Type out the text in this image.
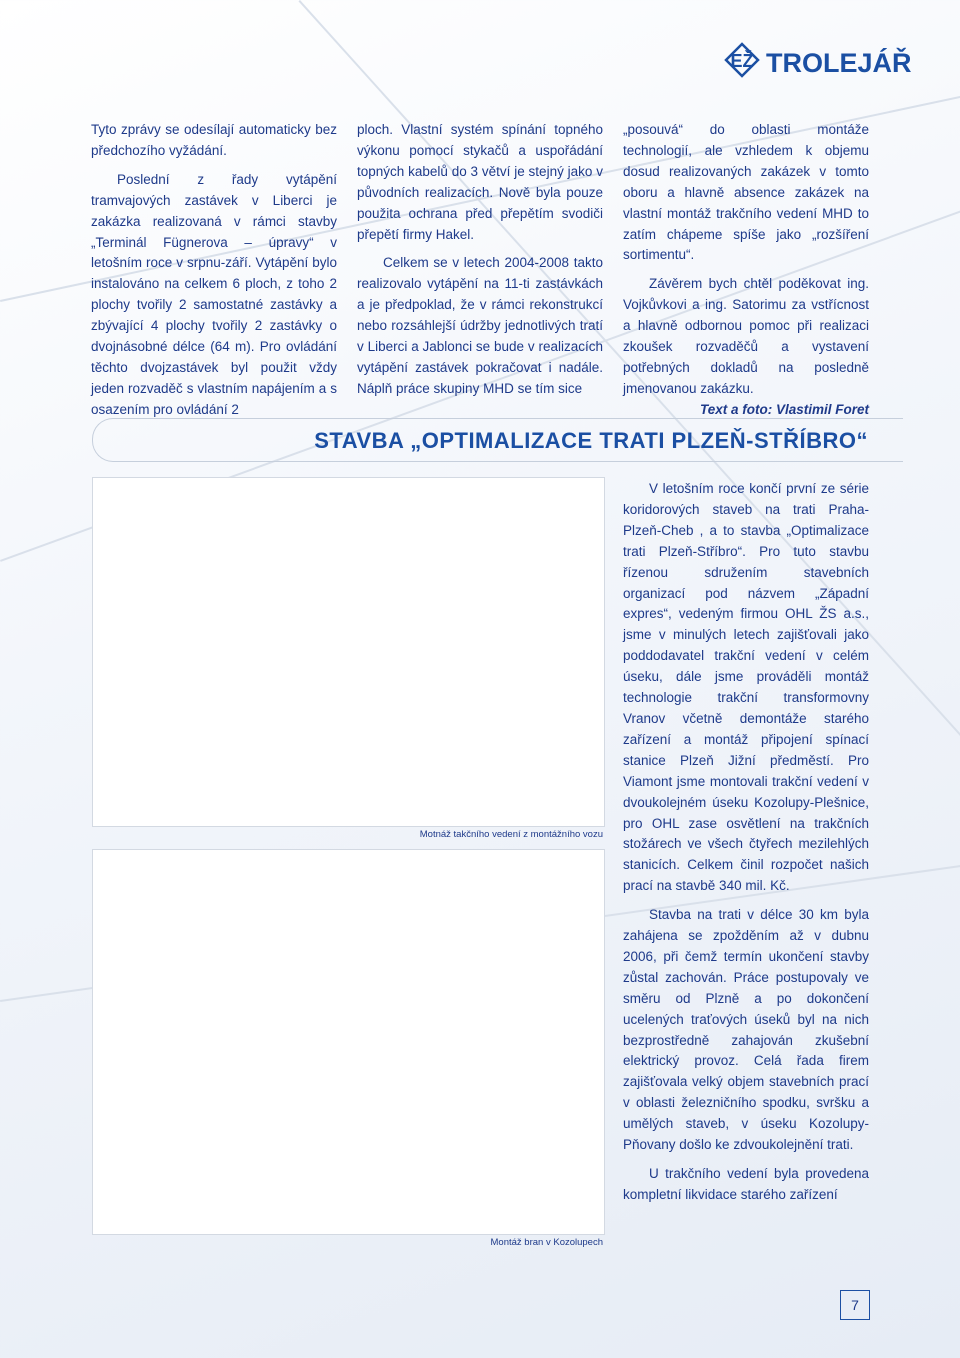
EŽ TROLEJÁŘ

Tyto zprávy se odesílají automaticky bez předchozího vyžádání.

Poslední z řady vytápění tramvajových zastávek v Liberci je zakázka realizovaná v rámci stavby „Terminál Fügnerova – úpravy“ v letošním roce v srpnu-září. Vytápění bylo instalováno na celkem 6 ploch, z toho 2 plochy tvořily 2 samostatné zastávky a zbývající 4 plochy tvořily 2 zastávky o dvojnásobné délce (64 m). Pro ovládání těchto dvojzastávek byl použit vždy jeden rozvaděč s vlastním napájením a s osazením pro ovládání 2

ploch. Vlastní systém spínání topného výkonu pomocí stykačů a uspořádání topných kabelů do 3 větví je stejný jako v původních realizacích. Nově byla pouze použita ochrana před přepětím svodiči přepětí firmy Hakel.

Celkem se v letech 2004-2008 takto realizovalo vytápění na 11-ti zastávkách a je předpoklad, že v rámci rekonstrukcí nebo rozsáhlejší údržby jednotlivých tratí v Liberci a Jablonci se bude v realizacích vytápění zastávek pokračovat i nadále. Náplň práce skupiny MHD se tím sice

„posouvá“ do oblasti montáže technologií, ale vzhledem k objemu dosud realizovaných zakázek v tomto oboru a hlavně absence zakázek na vlastní montáž trakčního vedení MHD to zatím chápeme spíše jako „rozšíření sortimentu“.

Závěrem bych chtěl poděkovat ing. Vojkůvkovi a ing. Satorimu za vstřícnost a hlavně odbornou pomoc při realizaci zkoušek rozvaděčů a vystavení potřebných dokladů na posledně jmenovanou zakázku.

Text a foto: Vlastimil Foret

STAVBA „OPTIMALIZACE TRATI PLZEŇ-STŘÍBRO“
Motnáž takčního vedení z montážního vozu
Montáž bran v Kozolupech

V letošním roce končí první ze série koridorových staveb na trati Praha-Plzeň-Cheb , a to stavba „Optimalizace trati Plzeň-Stříbro“. Pro tuto stavbu řízenou sdružením stavebních organizací pod názvem „Západní expres“, vedeným firmou OHL ŽS a.s., jsme v minulých letech zajišťovali jako poddodavatel trakční vedení v celém úseku, dále jsme prováděli montáž technologie trakční transformovny Vranov včetně demontáže starého zařízení a montáž připojení spínací stanice Plzeň Jižní předměstí. Pro Viamont jsme montovali trakční vedení v dvoukolejném úseku Kozolupy-Plešnice, pro OHL zase osvětlení na trakčních stožárech ve všech čtyřech mezilehlých stanicích. Celkem činil rozpočet našich prací na stavbě 340 mil. Kč.

Stavba na trati v délce 30 km byla zahájena se zpožděním až v dubnu 2006, při čemž termín ukončení stavby zůstal zachován. Práce postupovaly ve směru od Plzně a po dokončení ucelených traťových úseků byl na nich bezprostředně zahajován zkušební elektrický provoz. Celá řada firem zajišťovala velký objem stavebních prací v oblasti železničního spodku, svršku a umělých staveb, v úseku Kozolupy-Pňovany došlo ke zdvoukolejnění trati.

U trakčního vedení byla provedena kompletní likvidace starého zařízení

7
